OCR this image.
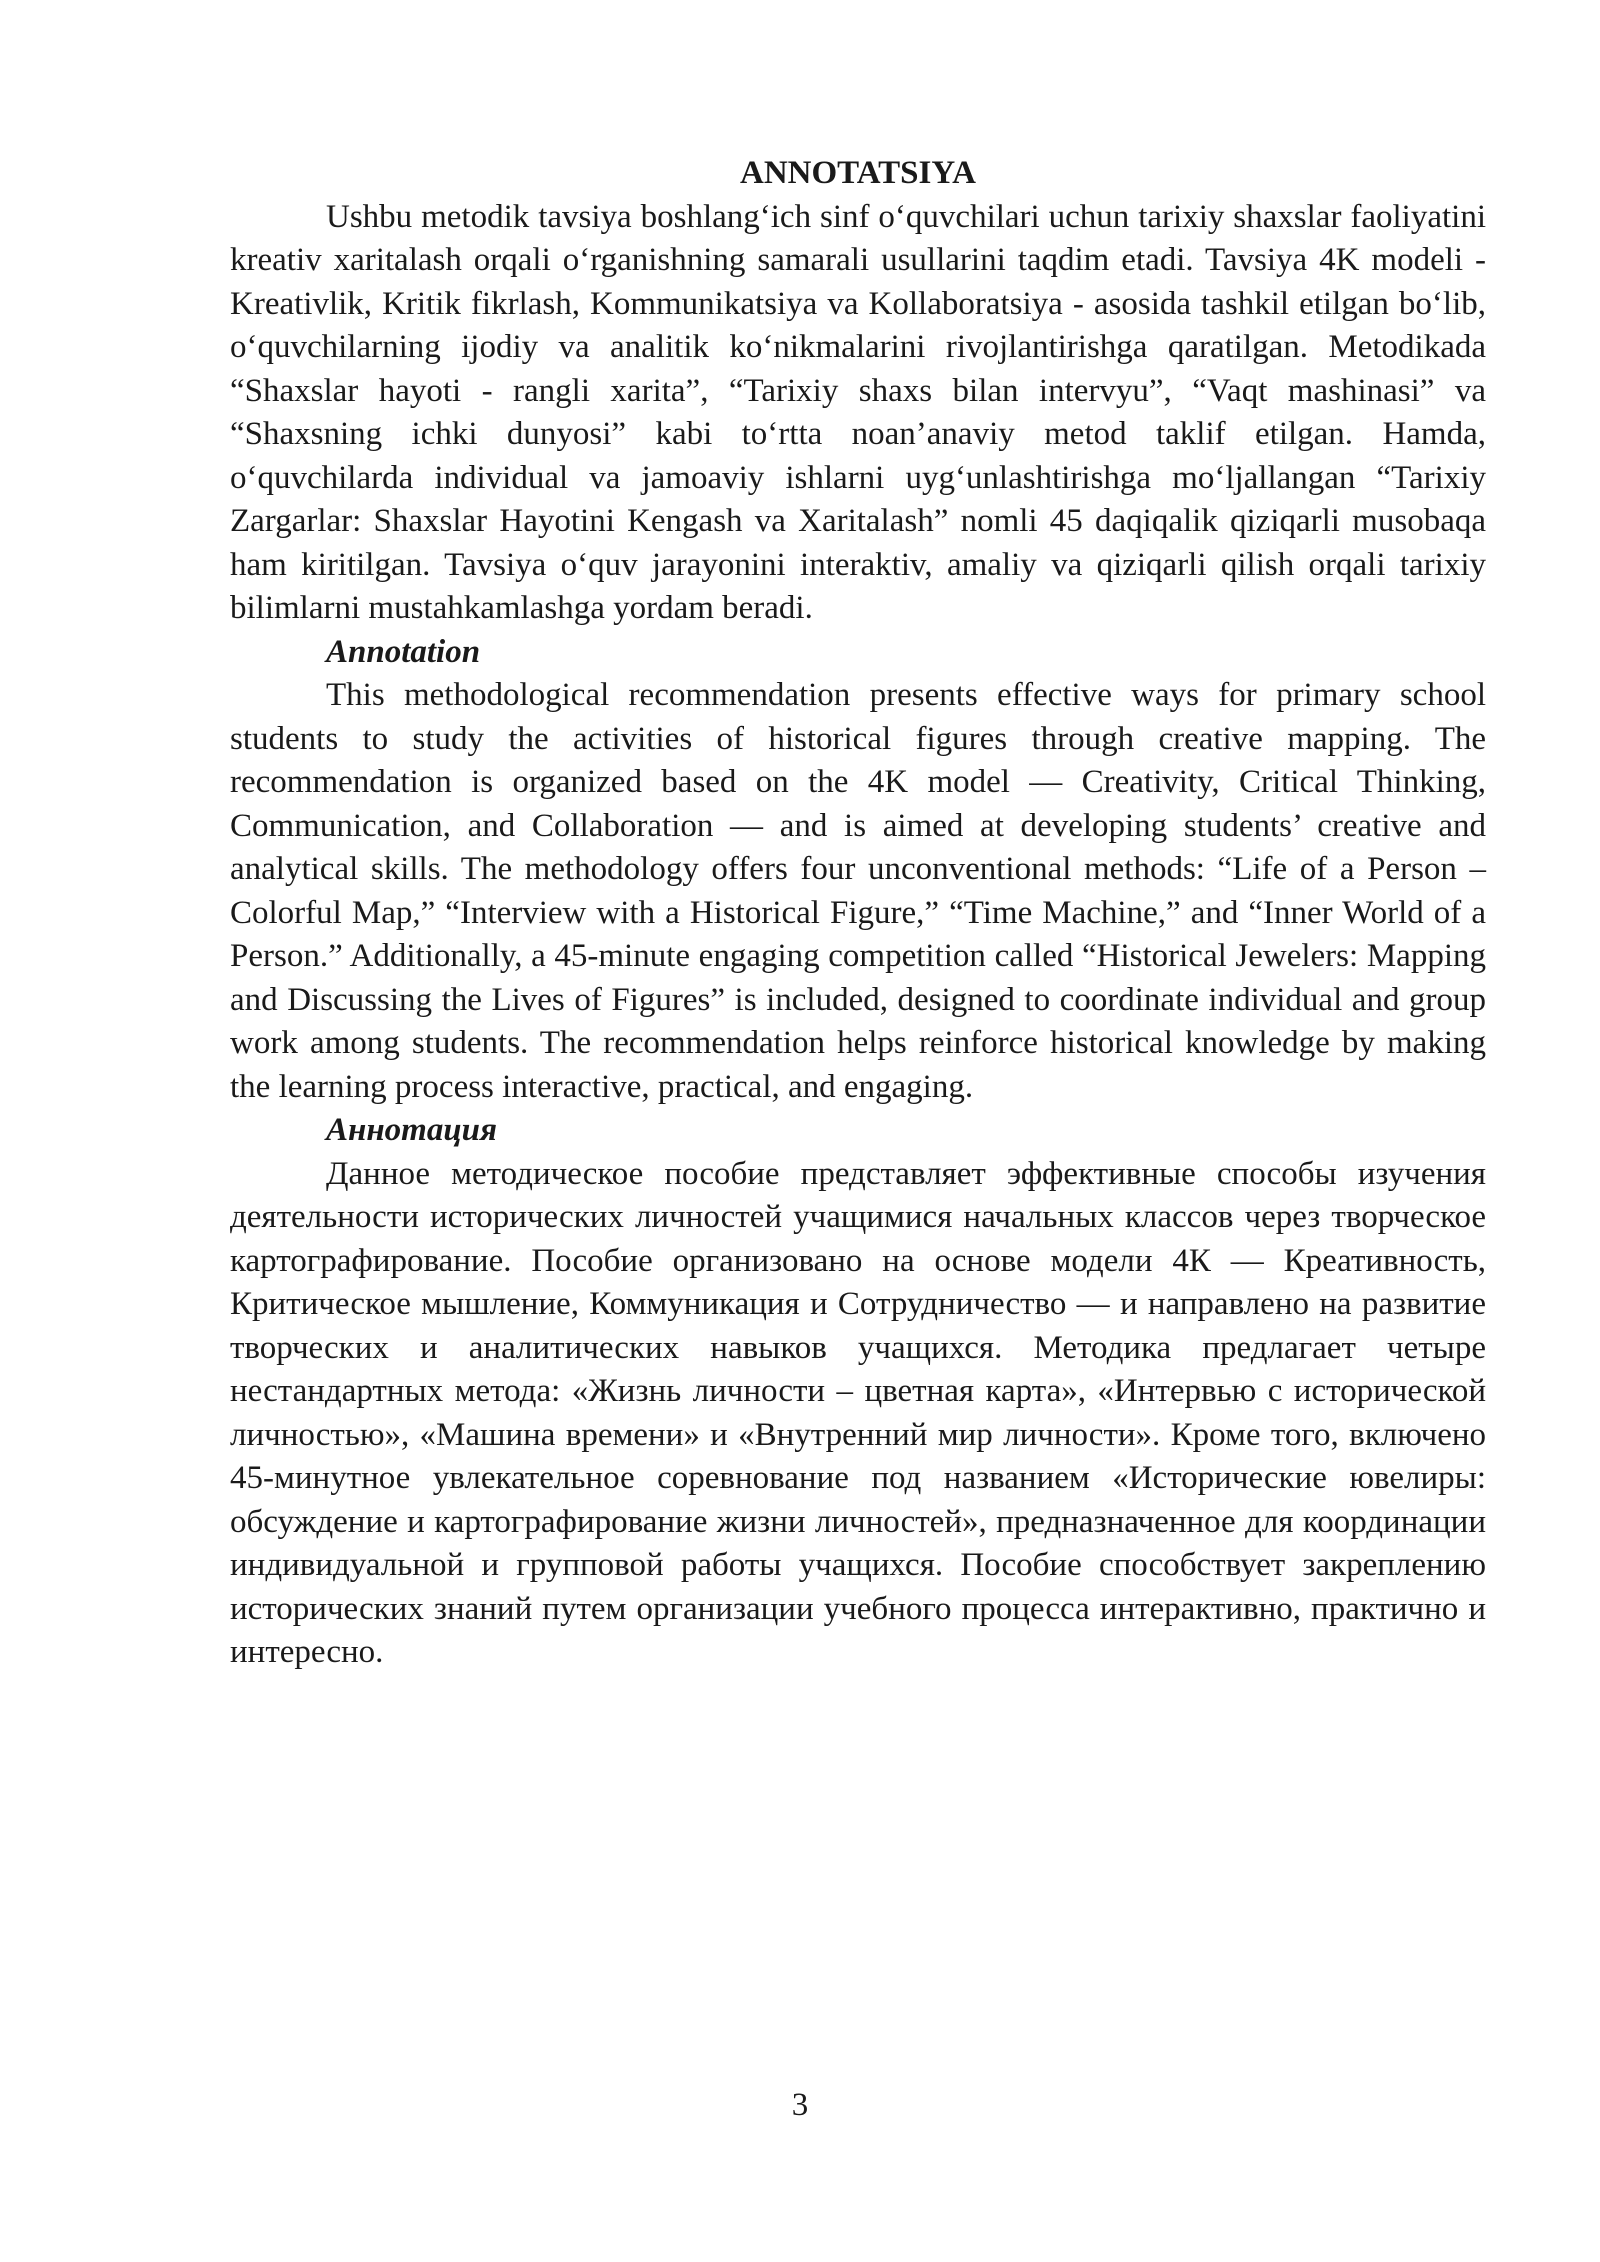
ANNOTATSIYA

Ushbu metodik tavsiya boshlang‘ich sinf o‘quvchilari uchun tarixiy shaxslar faoliyatini kreativ xaritalash orqali o‘rganishning samarali usullarini taqdim etadi. Tavsiya 4K modeli - Kreativlik, Kritik fikrlash, Kommunikatsiya va Kollaboratsiya - asosida tashkil etilgan bo‘lib, o‘quvchilarning ijodiy va analitik ko‘nikmalarini rivojlantirishga qaratilgan. Metodikada “Shaxslar hayoti - rangli xarita”, “Tarixiy shaxs bilan intervyu”, “Vaqt mashinasi” va “Shaxsning ichki dunyosi” kabi to‘rtta noan’anaviy metod taklif etilgan. Hamda, o‘quvchilarda individual va jamoaviy ishlarni uyg‘unlashtirishga mo‘ljallangan “Tarixiy Zargarlar: Shaxslar Hayotini Kengash va Xaritalash” nomli 45 daqiqalik qiziqarli musobaqa ham kiritilgan. Tavsiya o‘quv jarayonini interaktiv, amaliy va qiziqarli qilish orqali tarixiy bilimlarni mustahkamlashga yordam beradi.

Annotation

This methodological recommendation presents effective ways for primary school students to study the activities of historical figures through creative mapping. The recommendation is organized based on the 4K model — Creativity, Critical Thinking, Communication, and Collaboration — and is aimed at developing students’ creative and analytical skills. The methodology offers four unconventional methods: “Life of a Person – Colorful Map,” “Interview with a Historical Figure,” “Time Machine,” and “Inner World of a Person.” Additionally, a 45-minute engaging competition called “Historical Jewelers: Mapping and Discussing the Lives of Figures” is included, designed to coordinate individual and group work among students. The recommendation helps reinforce historical knowledge by making the learning process interactive, practical, and engaging.

Аннотация

Данное методическое пособие представляет эффективные способы изучения деятельности исторических личностей учащимися начальных классов через творческое картографирование. Пособие организовано на основе модели 4К — Креативность, Критическое мышление, Коммуникация и Сотрудничество — и направлено на развитие творческих и аналитических навыков учащихся. Методика предлагает четыре нестандартных метода: «Жизнь личности – цветная карта», «Интервью с исторической личностью», «Машина времени» и «Внутренний мир личности». Кроме того, включено 45-минутное увлекательное соревнование под названием «Исторические ювелиры: обсуждение и картографирование жизни личностей», предназначенное для координации индивидуальной и групповой работы учащихся. Пособие способствует закреплению исторических знаний путем организации учебного процесса интерактивно, практично и интересно.

3
